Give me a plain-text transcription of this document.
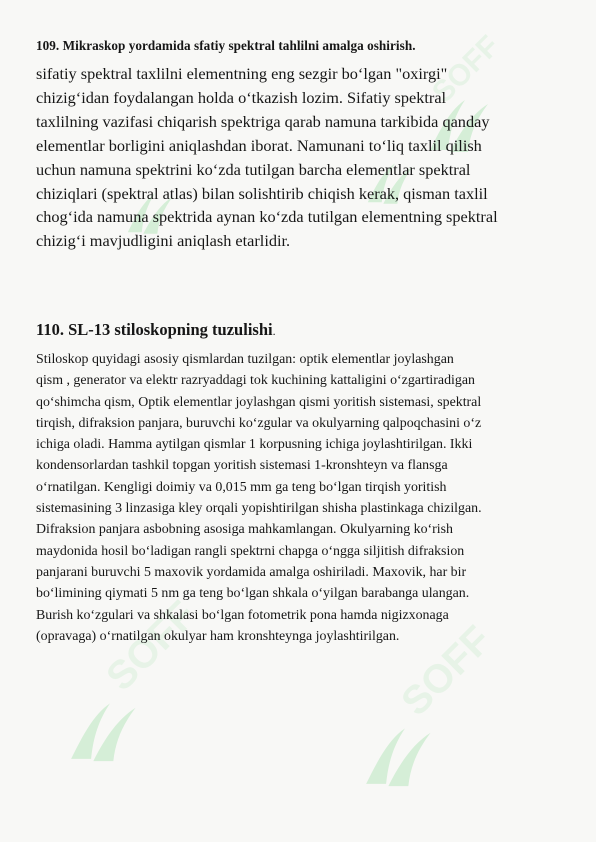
SOFF
SOFF	SOFF
109. Mikraskop yordamida sfatiy spektral tahlilni amalga oshirish.
sifatiy spektral taxlilni elementning eng sezgir bo‘lgan "oxirgi"
chizig‘idan foydalangan holda o‘tkazish lozim. Sifatiy spektral
taxlilning vazifasi chiqarish spektriga qarab namuna tarkibida qanday
elementlar borligini aniqlashdan iborat. Namunani to‘liq taxlil qilish
uchun namuna spektrini ko‘zda tutilgan barcha elementlar spektral
chiziqlari (spektral atlas) bilan solishtirib chiqish kerak, qisman taxlil
chog‘ida namuna spektrida aynan ko‘zda tutilgan elementning spektral
chizig‘i mavjudligini aniqlash etarlidir.
110. SL-13 stiloskopning tuzulishi.
Stiloskop quyidagi asosiy qismlardan tuzilgan: optik elementlar joylashgan
qism , generator va elektr razryaddagi tok kuchining kattaligini o‘zgartiradigan
qo‘shimcha qism, Optik elementlar joylashgan qismi yoritish sistemasi, spektral
tirqish, difraksion panjara, buruvchi ko‘zgular va okulyarning qalpoqchasini o‘z
ichiga oladi. Hamma aytilgan qismlar 1 korpusning ichiga joylashtirilgan. Ikki
kondensorlardan tashkil topgan yoritish sistemasi 1-kronshteyn va flansga
o‘rnatilgan. Kengligi doimiy va 0,015 mm ga teng bo‘lgan tirqish yoritish
sistemasining 3 linzasiga kley orqali yopishtirilgan shisha plastinkaga chizilgan.
Difraksion panjara asbobning asosiga mahkamlangan. Okulyarning ko‘rish
maydonida hosil bo‘ladigan rangli spektrni chapga o‘ngga siljitish difraksion
panjarani buruvchi 5 maxovik yordamida amalga oshiriladi. Maxovik, har bir
bo‘limining qiymati 5 nm ga teng bo‘lgan shkala o‘yilgan barabanga ulangan.
Burish ko‘zgulari va shkalasi bo‘lgan fotometrik pona hamda nigizxonaga
(opravaga) o‘rnatilgan okulyar ham kronshteynga joylashtirilgan.
